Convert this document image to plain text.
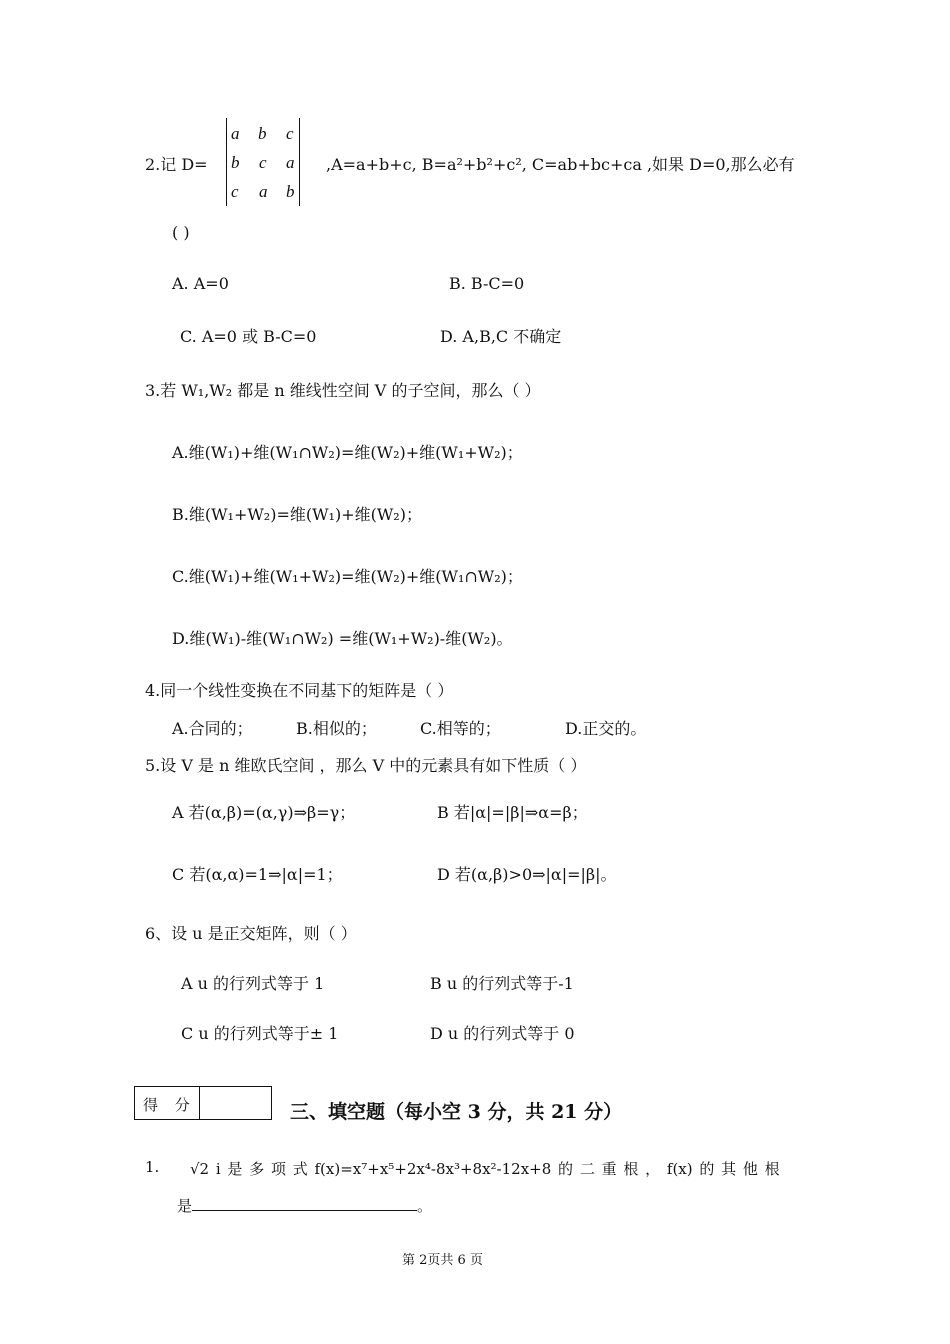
2.记 D=
a b c
b c a
c a b
,A=a+b+c, B=a²+b²+c², C=ab+bc+ca ,如果 D=0,那么必有
( )
A. A=0	B. B-C=0
C. A=0 或 B-C=0	D. A,B,C 不确定
3.若 W₁,W₂ 都是 n 维线性空间 V 的子空间，那么（ ）
A.维(W₁)+维(W₁∩W₂)=维(W₂)+维(W₁+W₂)；
B.维(W₁+W₂)=维(W₁)+维(W₂)；
C.维(W₁)+维(W₁+W₂)=维(W₂)+维(W₁∩W₂)；
D.维(W₁)-维(W₁∩W₂) =维(W₁+W₂)-维(W₂)。
4.同一个线性变换在不同基下的矩阵是（ ）
A.合同的；	B.相似的；	C.相等的；	D.正交的。
5.设 V 是 n 维欧氏空间 ，那么 V 中的元素具有如下性质（ ）
A 若(α,β)=(α,γ)⇒β=γ；	B 若|α|=|β|⇒α=β；
C 若(α,α)=1⇒|α|=1；	D 若(α,β)>0⇒|α|=|β|。
6、设 u 是正交矩阵，则（ ）
A u 的行列式等于 1	B u 的行列式等于-1
C u 的行列式等于± 1	D u 的行列式等于 0
得 分	三、填空题（每小空 3 分，共 21 分）
1. √2 i 是 多 项 式 f(x)=x⁷+x⁵+2x⁴-8x³+8x²-12x+8 的 二 重 根 ， f(x) 的 其 他 根
是	。
第 2页共 6 页
